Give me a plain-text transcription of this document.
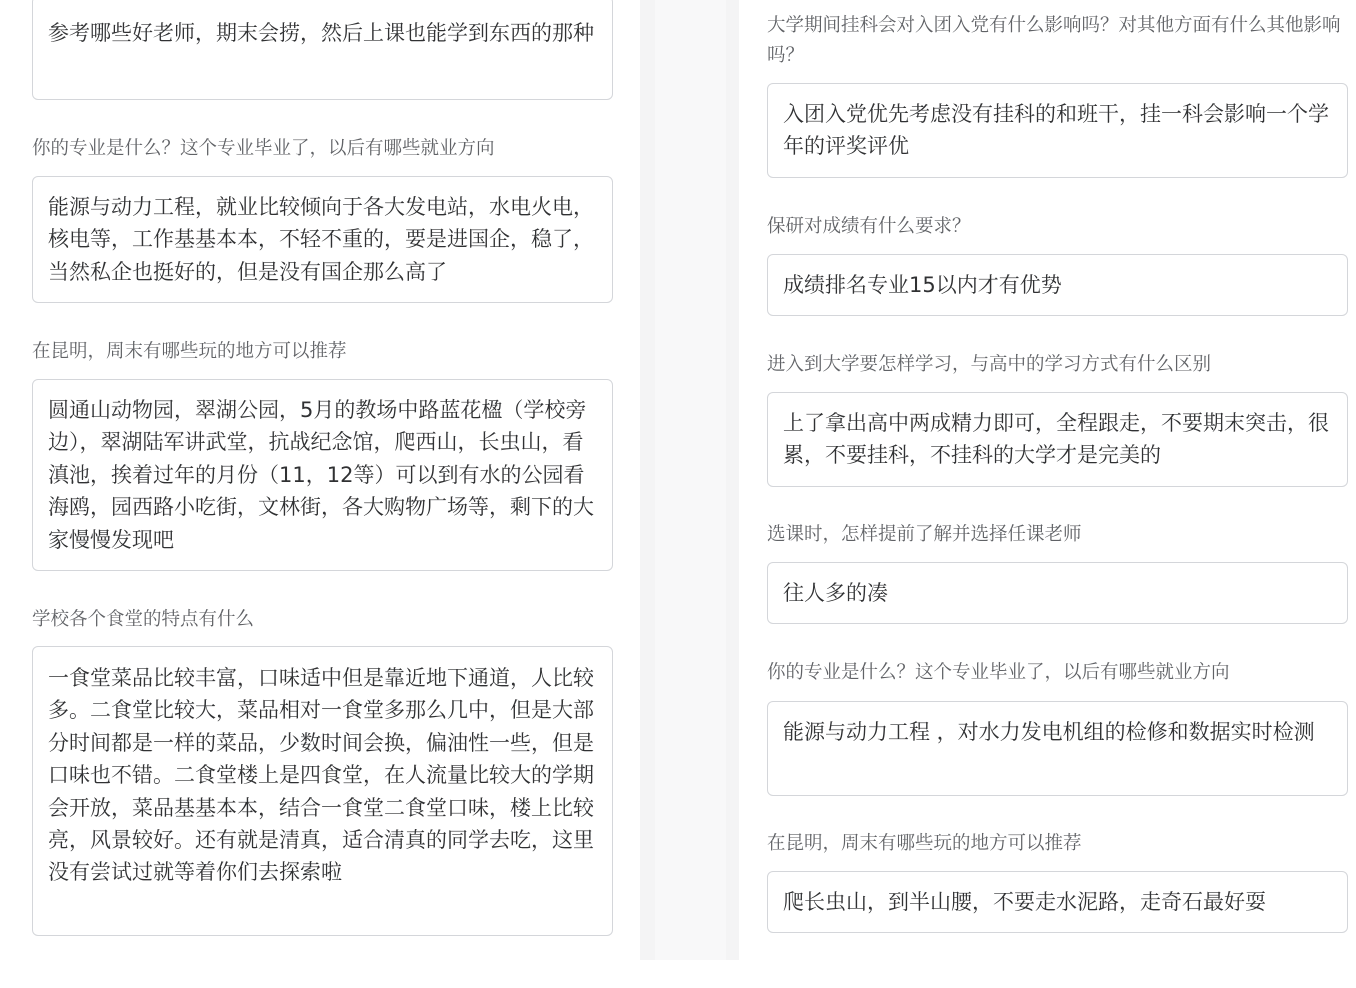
参考哪些好老师，期末会捞，然后上课也能学到东西的那种
你的专业是什么？这个专业毕业了，以后有哪些就业方向
能源与动力工程，就业比较倾向于各大发电站，水电火电，核电等，工作基基本本，不轻不重的，要是进国企，稳了，当然私企也挺好的，但是没有国企那么高了
在昆明，周末有哪些玩的地方可以推荐
圆通山动物园，翠湖公园，5月的教场中路蓝花楹（学校旁边），翠湖陆军讲武堂，抗战纪念馆，爬西山，长虫山，看滇池，挨着过年的月份（11，12等）可以到有水的公园看海鸥，园西路小吃街，文林街，各大购物广场等，剩下的大家慢慢发现吧
学校各个食堂的特点有什么
一食堂菜品比较丰富，口味适中但是靠近地下通道，人比较多。二食堂比较大，菜品相对一食堂多那么几中，但是大部分时间都是一样的菜品，少数时间会换，偏油性一些，但是口味也不错。二食堂楼上是四食堂，在人流量比较大的学期会开放，菜品基基本本，结合一食堂二食堂口味，楼上比较亮，风景较好。还有就是清真，适合清真的同学去吃，这里没有尝试过就等着你们去探索啦
大学期间挂科会对入团入党有什么影响吗？对其他方面有什么其他影响吗？
入团入党优先考虑没有挂科的和班干，挂一科会影响一个学年的评奖评优
保研对成绩有什么要求？
成绩排名专业15以内才有优势
进入到大学要怎样学习，与高中的学习方式有什么区别
上了拿出高中两成精力即可，全程跟走，不要期末突击，很累，不要挂科，不挂科的大学才是完美的
选课时，怎样提前了解并选择任课老师
往人多的凑
你的专业是什么？这个专业毕业了，以后有哪些就业方向
能源与动力工程 ，对水力发电机组的检修和数据实时检测
在昆明，周末有哪些玩的地方可以推荐
爬长虫山，到半山腰，不要走水泥路，走奇石最好耍
